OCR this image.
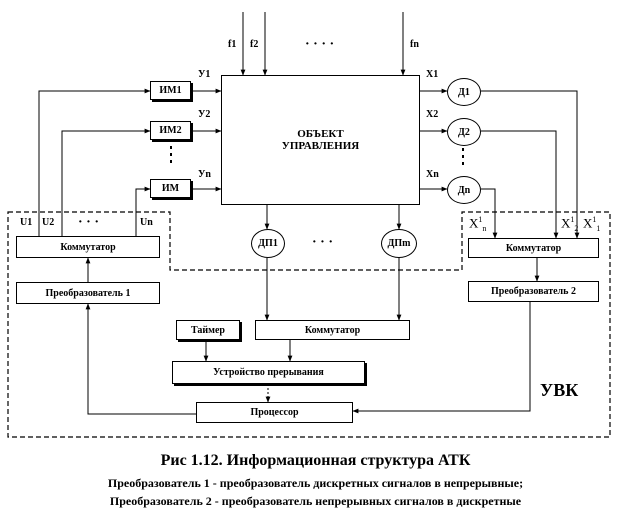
ОБЪЕКТ
УПРАВЛЕНИЯ
f1 f2	· · · ·	fn
ИМ1
ИМ2
ИМ
У1
У2
Уn
Д1
Д2
Дn
X1
X2
Xn
ДП1	· · ·	ДПm
U1 U2 · · ·	Un	$X^1_n$	$X^1_2$ $X^1_1$
Коммутатор	Коммутатор
Коммутатор
Преобразователь 1	Преобразователь 2
Таймер
Устройство прерывания
Процессор
УВК
Рис 1.12. Информационная структура АТК
Преобразователь 1 - преобразователь дискретных сигналов в непрерывные;
Преобразователь 2 - преобразователь непрерывных сигналов в дискретные
